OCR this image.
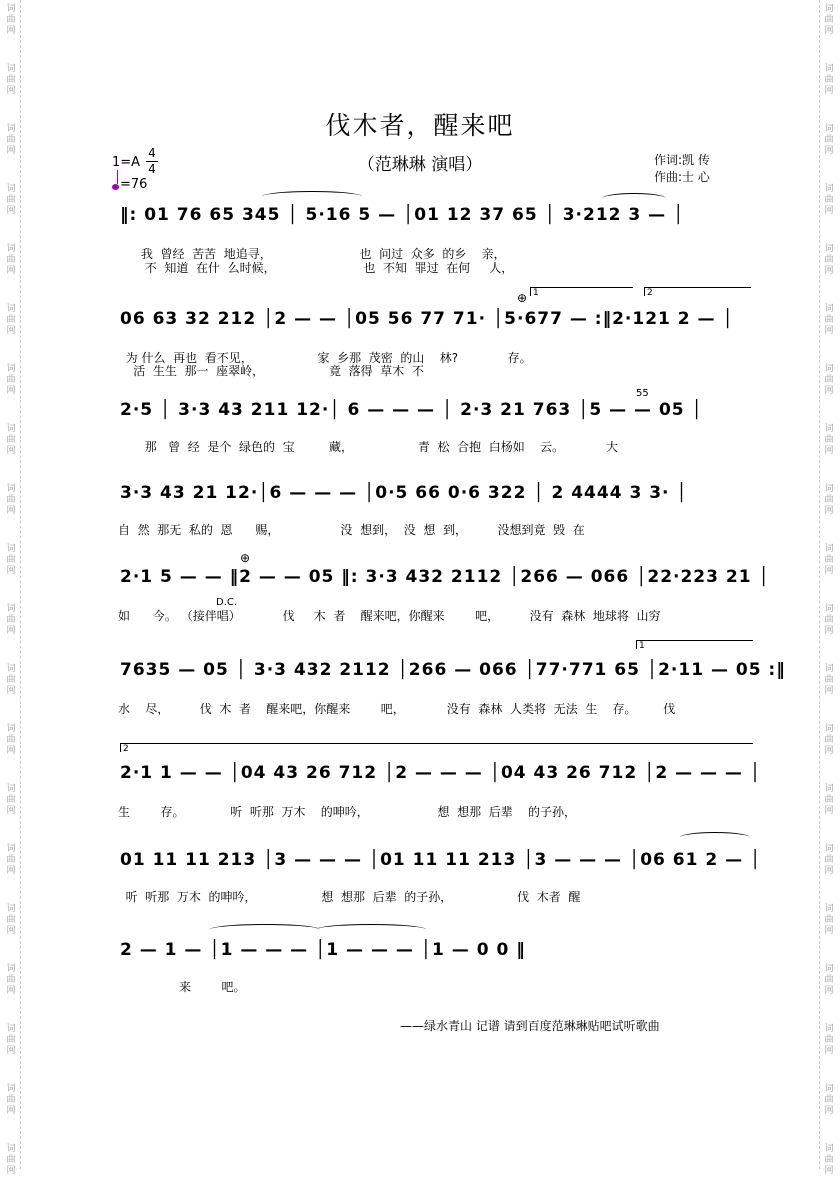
词
曲
网
词
曲
网
词
曲
网
词
曲
网
词
曲
网
词
曲
网
词
曲
网
词
曲
网
词
曲
网
词
曲
网
词
曲
网
词
曲
网
词
曲
网
词
曲
网
词
曲
网
词
曲
网
词
曲
网
词
曲
网
词
曲
网
词
曲
网
词
曲
网
词
曲
网
词
曲
网
词
曲
网
词
曲
网
词
曲
网
词
曲
网
词
曲
网
词
曲
网
词
曲
网
词
曲
网
词
曲
网
词
曲
网
词
曲
网
词
曲
网
词
曲
网
词
曲
网
词
曲
网
词
曲
网
词
曲
网
伐木者，醒来吧
（范琳琳 演唱）
1=A
4
4
=76
作词:凯 传
作曲:士 心
‖: 01 76 65 345 │ 5·16 5 — │01 12 37 65 │ 3·212 3 — │
我  曾经  苦苦  地追寻，                       也  问过  众多  的乡    亲，
不  知道  在什  么时候，                       也  不知  罪过  在何     人，
1	2
⊕
06 63 32 212 │2 — — │05 56 77 71· │5·677 — :‖2·121 2 — │
为 什么  再也  看不见，                 家  乡那  茂密  的山    林?             存。
活  生生  那一  座翠岭，                 竟  落得  草木  不
55
2·5 │ 3·3 43 211 12·│ 6 — — — │ 2·3 21 763 │5 — — 05 │
那   曾  经  是个  绿色的  宝         藏，                 青  松  合抱  白杨如    云。           大
3·3 43 21 12·│6 — — — │0·5 66 0·6 322 │ 2 4444 3 3· │
自  然  那无  私的  恩      赐，                没  想到，  没  想  到，        没想到竟  毁  在
⊕
D.C.
2·1 5 — — ‖2 — — 05 ‖: 3·3 432 2112 │266 — 066 │22·223 21 │
如      今。 （接伴唱）           伐     木  者    醒来吧，你醒来        吧，        没有  森林  地球将  山穷
1
7635 — 05 │ 3·3 432 2112 │266 — 066 │77·771 65 │2·11 — 05 :‖
水    尽，        伐  木  者    醒来吧，你醒来        吧，           没有  森林  人类将  无法  生    存。       伐
2
2·1 1 — — │04 43 26 712 │2 — — — │04 43 26 712 │2 — — — │
生        存。            听  听那  万木    的呻吟，                  想  想那  后辈    的子孙，
01 11 11 213 │3 — — — │01 11 11 213 │3 — — — │06 61 2 — │
听  听那  万木  的呻吟，                 想  想那  后辈  的子孙，                 伐  木者  醒
2 — 1 — │1 — — — │1 — — — │1 — 0 0 ‖
来        吧。
——绿水青山 记谱 请到百度范琳琳贴吧试听歌曲
